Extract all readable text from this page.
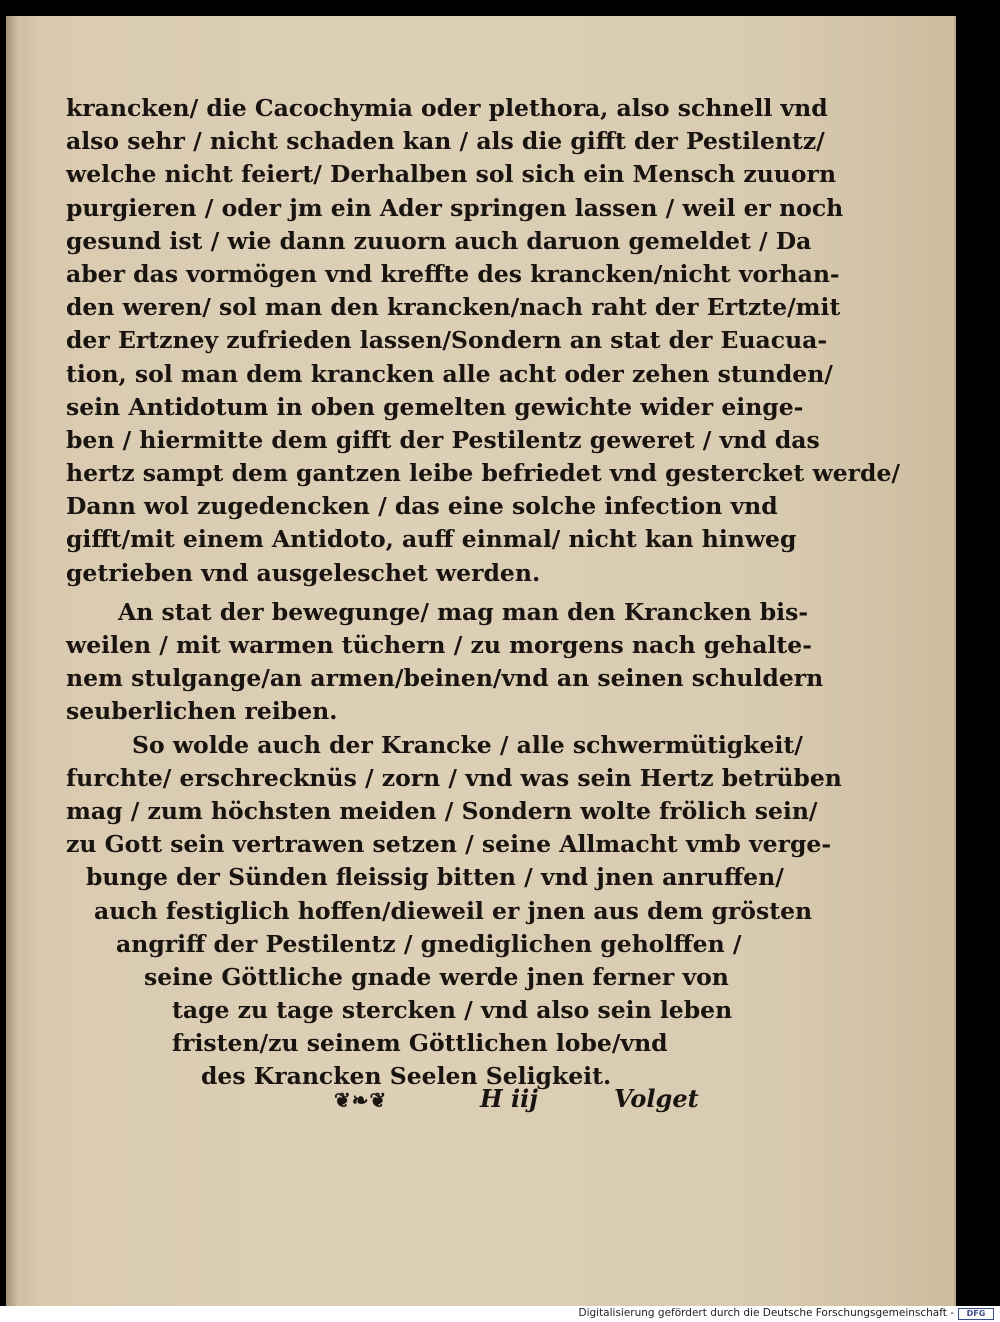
krancken/ die Cacochymia oder plethora, also schnell vnd
also sehr / nicht schaden kan / als die gifft der Pestilentz/
welche nicht feiert/ Derhalben sol sich ein Mensch zuuorn
purgieren / oder jm ein Ader springen lassen / weil er noch
gesund ist / wie dann zuuorn auch daruon gemeldet / Da
aber das vormögen vnd kreffte des krancken/nicht vorhan-
den weren/ sol man den krancken/nach raht der Ertzte/mit
der Ertzney zufrieden lassen/Sondern an stat der Euacua-
tion, sol man dem krancken alle acht oder zehen stunden/
sein Antidotum in oben gemelten gewichte wider einge-
ben / hiermitte dem gifft der Pestilentz geweret / vnd das
hertz sampt dem gantzen leibe befriedet vnd gestercket werde/
Dann wol zugedencken / das eine solche infection vnd
gifft/mit einem Antidoto, auff einmal/ nicht kan hinweg
getrieben vnd ausgeleschet werden.
An stat der bewegunge/ mag man den Krancken bis-
weilen / mit warmen tüchern / zu morgens nach gehalte-
nem stulgange/an armen/beinen/vnd an seinen schuldern
seuberlichen reiben.
So wolde auch der Krancke / alle schwermütigkeit/
furchte/ erschrecknüs / zorn / vnd was sein Hertz betrüben
mag / zum höchsten meiden / Sondern wolte frölich sein/
zu Gott sein vertrawen setzen / seine Allmacht vmb verge-
bunge der Sünden fleissig bitten / vnd jnen anruffen/
auch festiglich hoffen/dieweil er jnen aus dem grösten
angriff der Pestilentz / gnediglichen geholffen /
seine Göttliche gnade werde jnen ferner von
tage zu tage stercken / vnd also sein leben
fristen/zu seinem Göttlichen lobe/vnd
des Krancken Seelen Seligkeit.
❦❧❦	H iij	Volget
Digitalisierung gefördert durch die Deutsche Forschungsgemeinschaft -	DFG
